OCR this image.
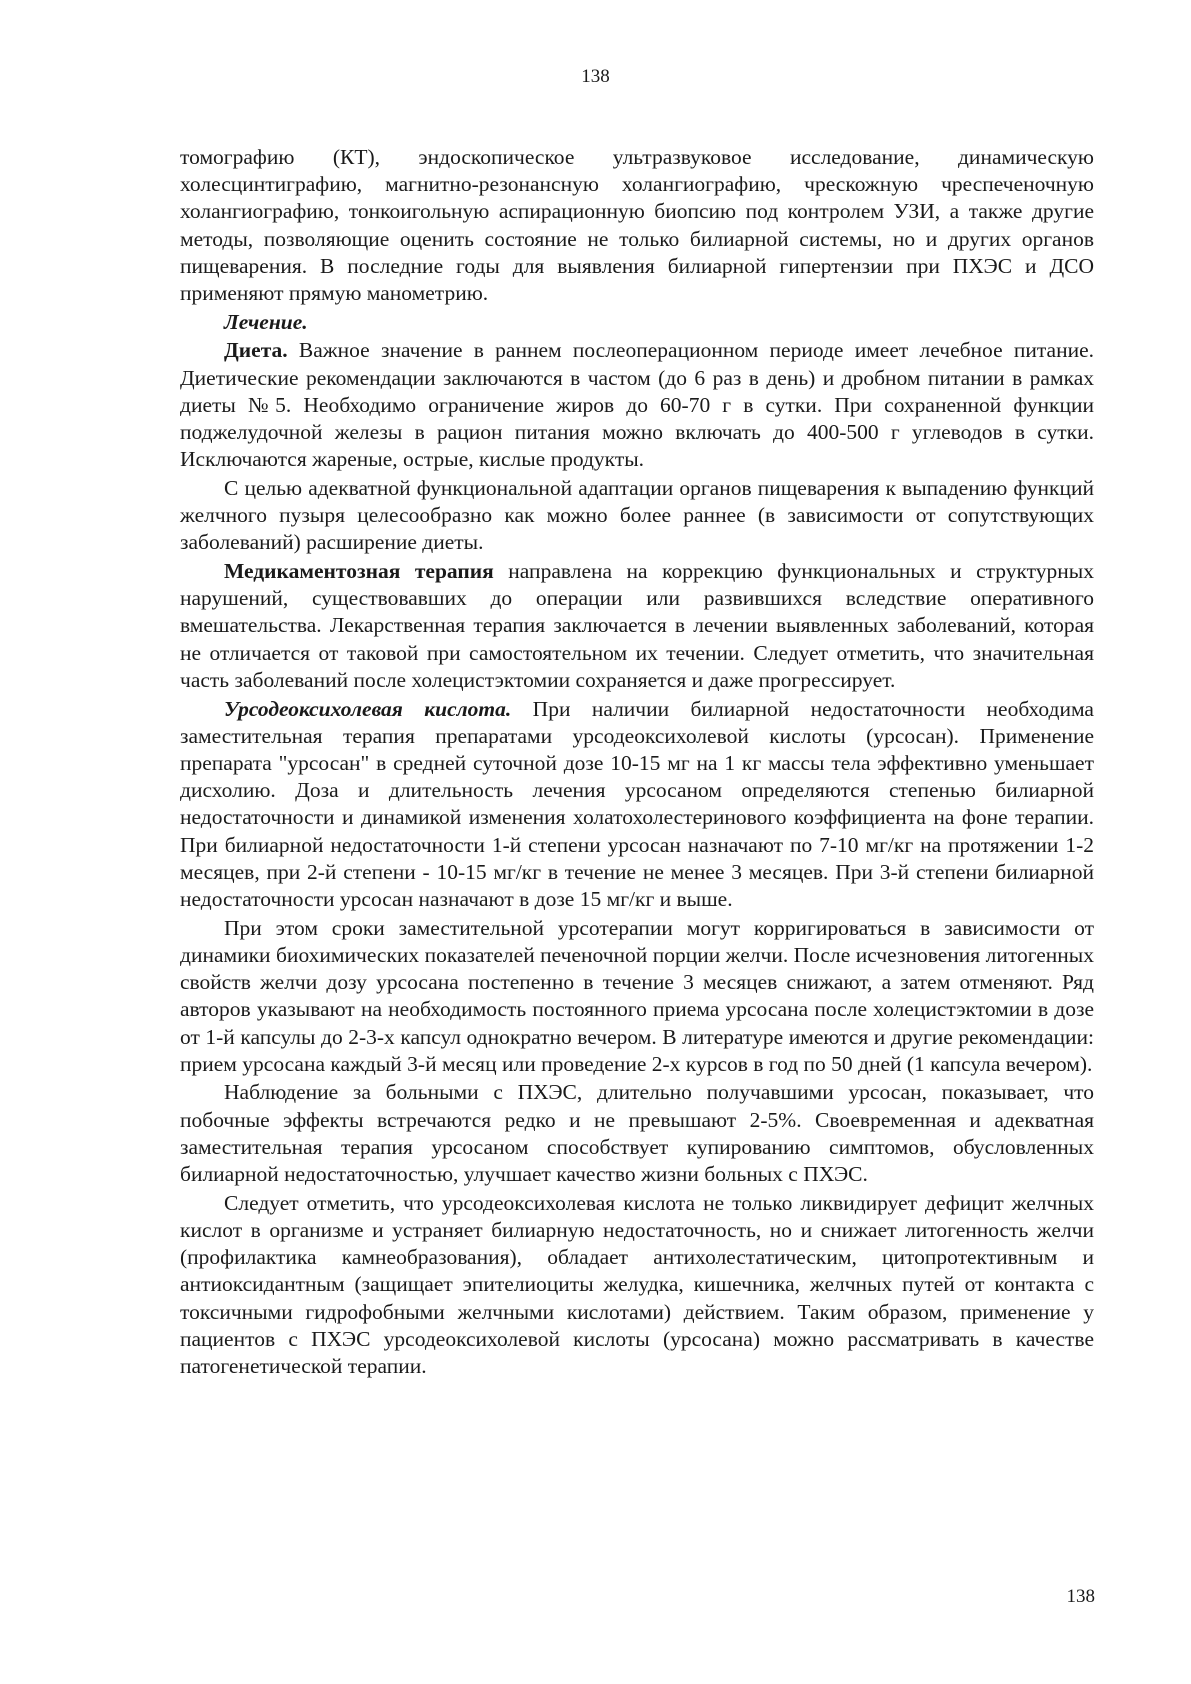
138

томографию (КТ), эндоскопическое ультразвуковое исследование, динамическую холесцинтиграфию, магнитно-резонансную холангиографию, чрескожную чреспеченочную холангиографию, тонкоигольную аспирационную биопсию под контролем УЗИ, а также другие методы, позволяющие оценить состояние не только билиарной системы, но и других органов пищеварения. В последние годы для выявления билиарной гипертензии при ПХЭС и ДСО применяют прямую манометрию.

Лечение.

Диета. Важное значение в раннем послеоперационном периоде имеет лечебное питание. Диетические рекомендации заключаются в частом (до 6 раз в день) и дробном питании в рамках диеты №5. Необходимо ограничение жиров до 60-70 г в сутки. При сохраненной функции поджелудочной железы в рацион питания можно включать до 400-500 г углеводов в сутки. Исключаются жареные, острые, кислые продукты.

С целью адекватной функциональной адаптации органов пищеварения к выпадению функций желчного пузыря целесообразно как можно более раннее (в зависимости от сопутствующих заболеваний) расширение диеты.

Медикаментозная терапия направлена на коррекцию функциональных и структурных нарушений, существовавших до операции или развившихся вследствие оперативного вмешательства. Лекарственная терапия заключается в лечении выявленных заболеваний, которая не отличается от таковой при самостоятельном их течении. Следует отметить, что значительная часть заболеваний после холецистэктомии сохраняется и даже прогрессирует.

Урсодеоксихолевая кислота. При наличии билиарной недостаточности необходима заместительная терапия препаратами урсодеоксихолевой кислоты (урсосан). Применение препарата "урсосан" в средней суточной дозе 10-15 мг на 1 кг массы тела эффективно уменьшает дисхолию. Доза и длительность лечения урсосаном определяются степенью билиарной недостаточности и динамикой изменения холатохолестеринового коэффициента на фоне терапии. При билиарной недостаточности 1-й степени урсосан назначают по 7-10 мг/кг на протяжении 1-2 месяцев, при 2-й степени - 10-15 мг/кг в течение не менее 3 месяцев. При 3-й степени билиарной недостаточности урсосан назначают в дозе 15 мг/кг и выше.

При этом сроки заместительной урсотерапии могут корригироваться в зависимости от динамики биохимических показателей печеночной порции желчи. После исчезновения литогенных свойств желчи дозу урсосана постепенно в течение 3 месяцев снижают, а затем отменяют. Ряд авторов указывают на необходимость постоянного приема урсосана после холецистэктомии в дозе от 1-й капсулы до 2-3-х капсул однократно вечером. В литературе имеются и другие рекомендации: прием урсосана каждый 3-й месяц или проведение 2-х курсов в год по 50 дней (1 капсула вечером).

Наблюдение за больными с ПХЭС, длительно получавшими урсосан, показывает, что побочные эффекты встречаются редко и не превышают 2-5%. Своевременная и адекватная заместительная терапия урсосаном способствует купированию симптомов, обусловленных билиарной недостаточностью, улучшает качество жизни больных с ПХЭС.

Следует отметить, что урсодеоксихолевая кислота не только ликвидирует дефицит желчных кислот в организме и устраняет билиарную недостаточность, но и снижает литогенность желчи (профилактика камнеобразования), обладает антихолестатическим, цитопротективным и антиоксидантным (защищает эпителиоциты желудка, кишечника, желчных путей от контакта с токсичными гидрофобными желчными кислотами) действием. Таким образом, применение у пациентов с ПХЭС урсодеоксихолевой кислоты (урсосана) можно рассматривать в качестве патогенетической терапии.

138
